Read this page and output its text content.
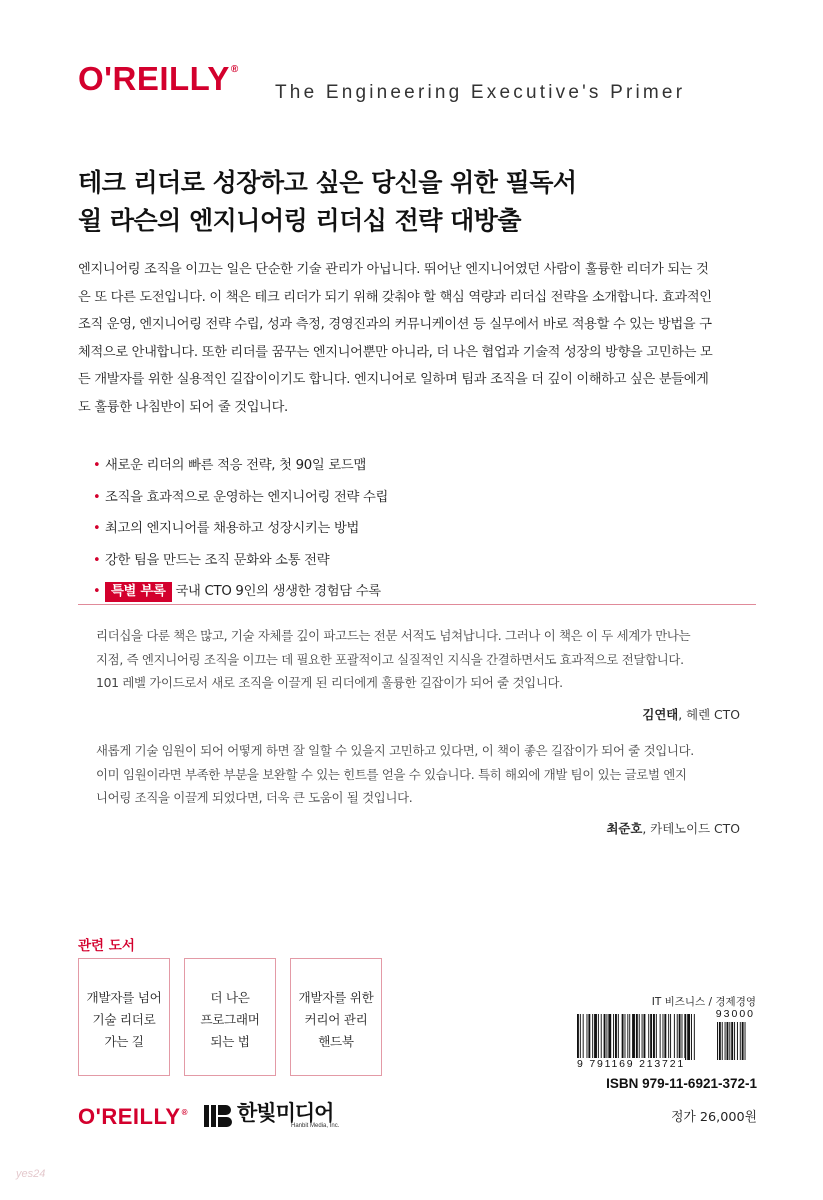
O'REILLY®
The Engineering Executive's Primer
테크 리더로 성장하고 싶은 당신을 위한 필독서
윌 라슨의 엔지니어링 리더십 전략 대방출
엔지니어링 조직을 이끄는 일은 단순한 기술 관리가 아닙니다. 뛰어난 엔지니어였던 사람이 훌륭한 리더가 되는 것
은 또 다른 도전입니다. 이 책은 테크 리더가 되기 위해 갖춰야 할 핵심 역량과 리더십 전략을 소개합니다. 효과적인
조직 운영, 엔지니어링 전략 수립, 성과 측정, 경영진과의 커뮤니케이션 등 실무에서 바로 적용할 수 있는 방법을 구
체적으로 안내합니다. 또한 리더를 꿈꾸는 엔지니어뿐만 아니라, 더 나은 협업과 기술적 성장의 방향을 고민하는 모
든 개발자를 위한 실용적인 길잡이이기도 합니다. 엔지니어로 일하며 팀과 조직을 더 깊이 이해하고 싶은 분들에게
도 훌륭한 나침반이 되어 줄 것입니다.
• 새로운 리더의 빠른 적응 전략, 첫 90일 로드맵
• 조직을 효과적으로 운영하는 엔지니어링 전략 수립
• 최고의 엔지니어를 채용하고 성장시키는 방법
• 강한 팀을 만드는 조직 문화와 소통 전략
• 특별 부록 국내 CTO 9인의 생생한 경험담 수록
리더십을 다룬 책은 많고, 기술 자체를 깊이 파고드는 전문 서적도 넘쳐납니다. 그러나 이 책은 이 두 세계가 만나는
지점, 즉 엔지니어링 조직을 이끄는 데 필요한 포괄적이고 실질적인 지식을 간결하면서도 효과적으로 전달합니다.
101 레벨 가이드로서 새로 조직을 이끌게 된 리더에게 훌륭한 길잡이가 되어 줄 것입니다.
김연태, 헤렌 CTO
새롭게 기술 임원이 되어 어떻게 하면 잘 일할 수 있을지 고민하고 있다면, 이 책이 좋은 길잡이가 되어 줄 것입니다.
이미 임원이라면 부족한 부분을 보완할 수 있는 힌트를 얻을 수 있습니다. 특히 해외에 개발 팀이 있는 글로벌 엔지
니어링 조직을 이끌게 되었다면, 더욱 큰 도움이 될 것입니다.
최준호, 카테노이드 CTO
관련 도서
개발자를 넘어
기술 리더로
가는 길
더 나은
프로그래머
되는 법
개발자를 위한
커리어 관리
핸드북
IT 비즈니스 / 경제경영
93000
9 791169 213721
ISBN 979-11-6921-372-1
정가 26,000원
O'REILLY® 한빛미디어
Hanbit Media, Inc.
yes24
